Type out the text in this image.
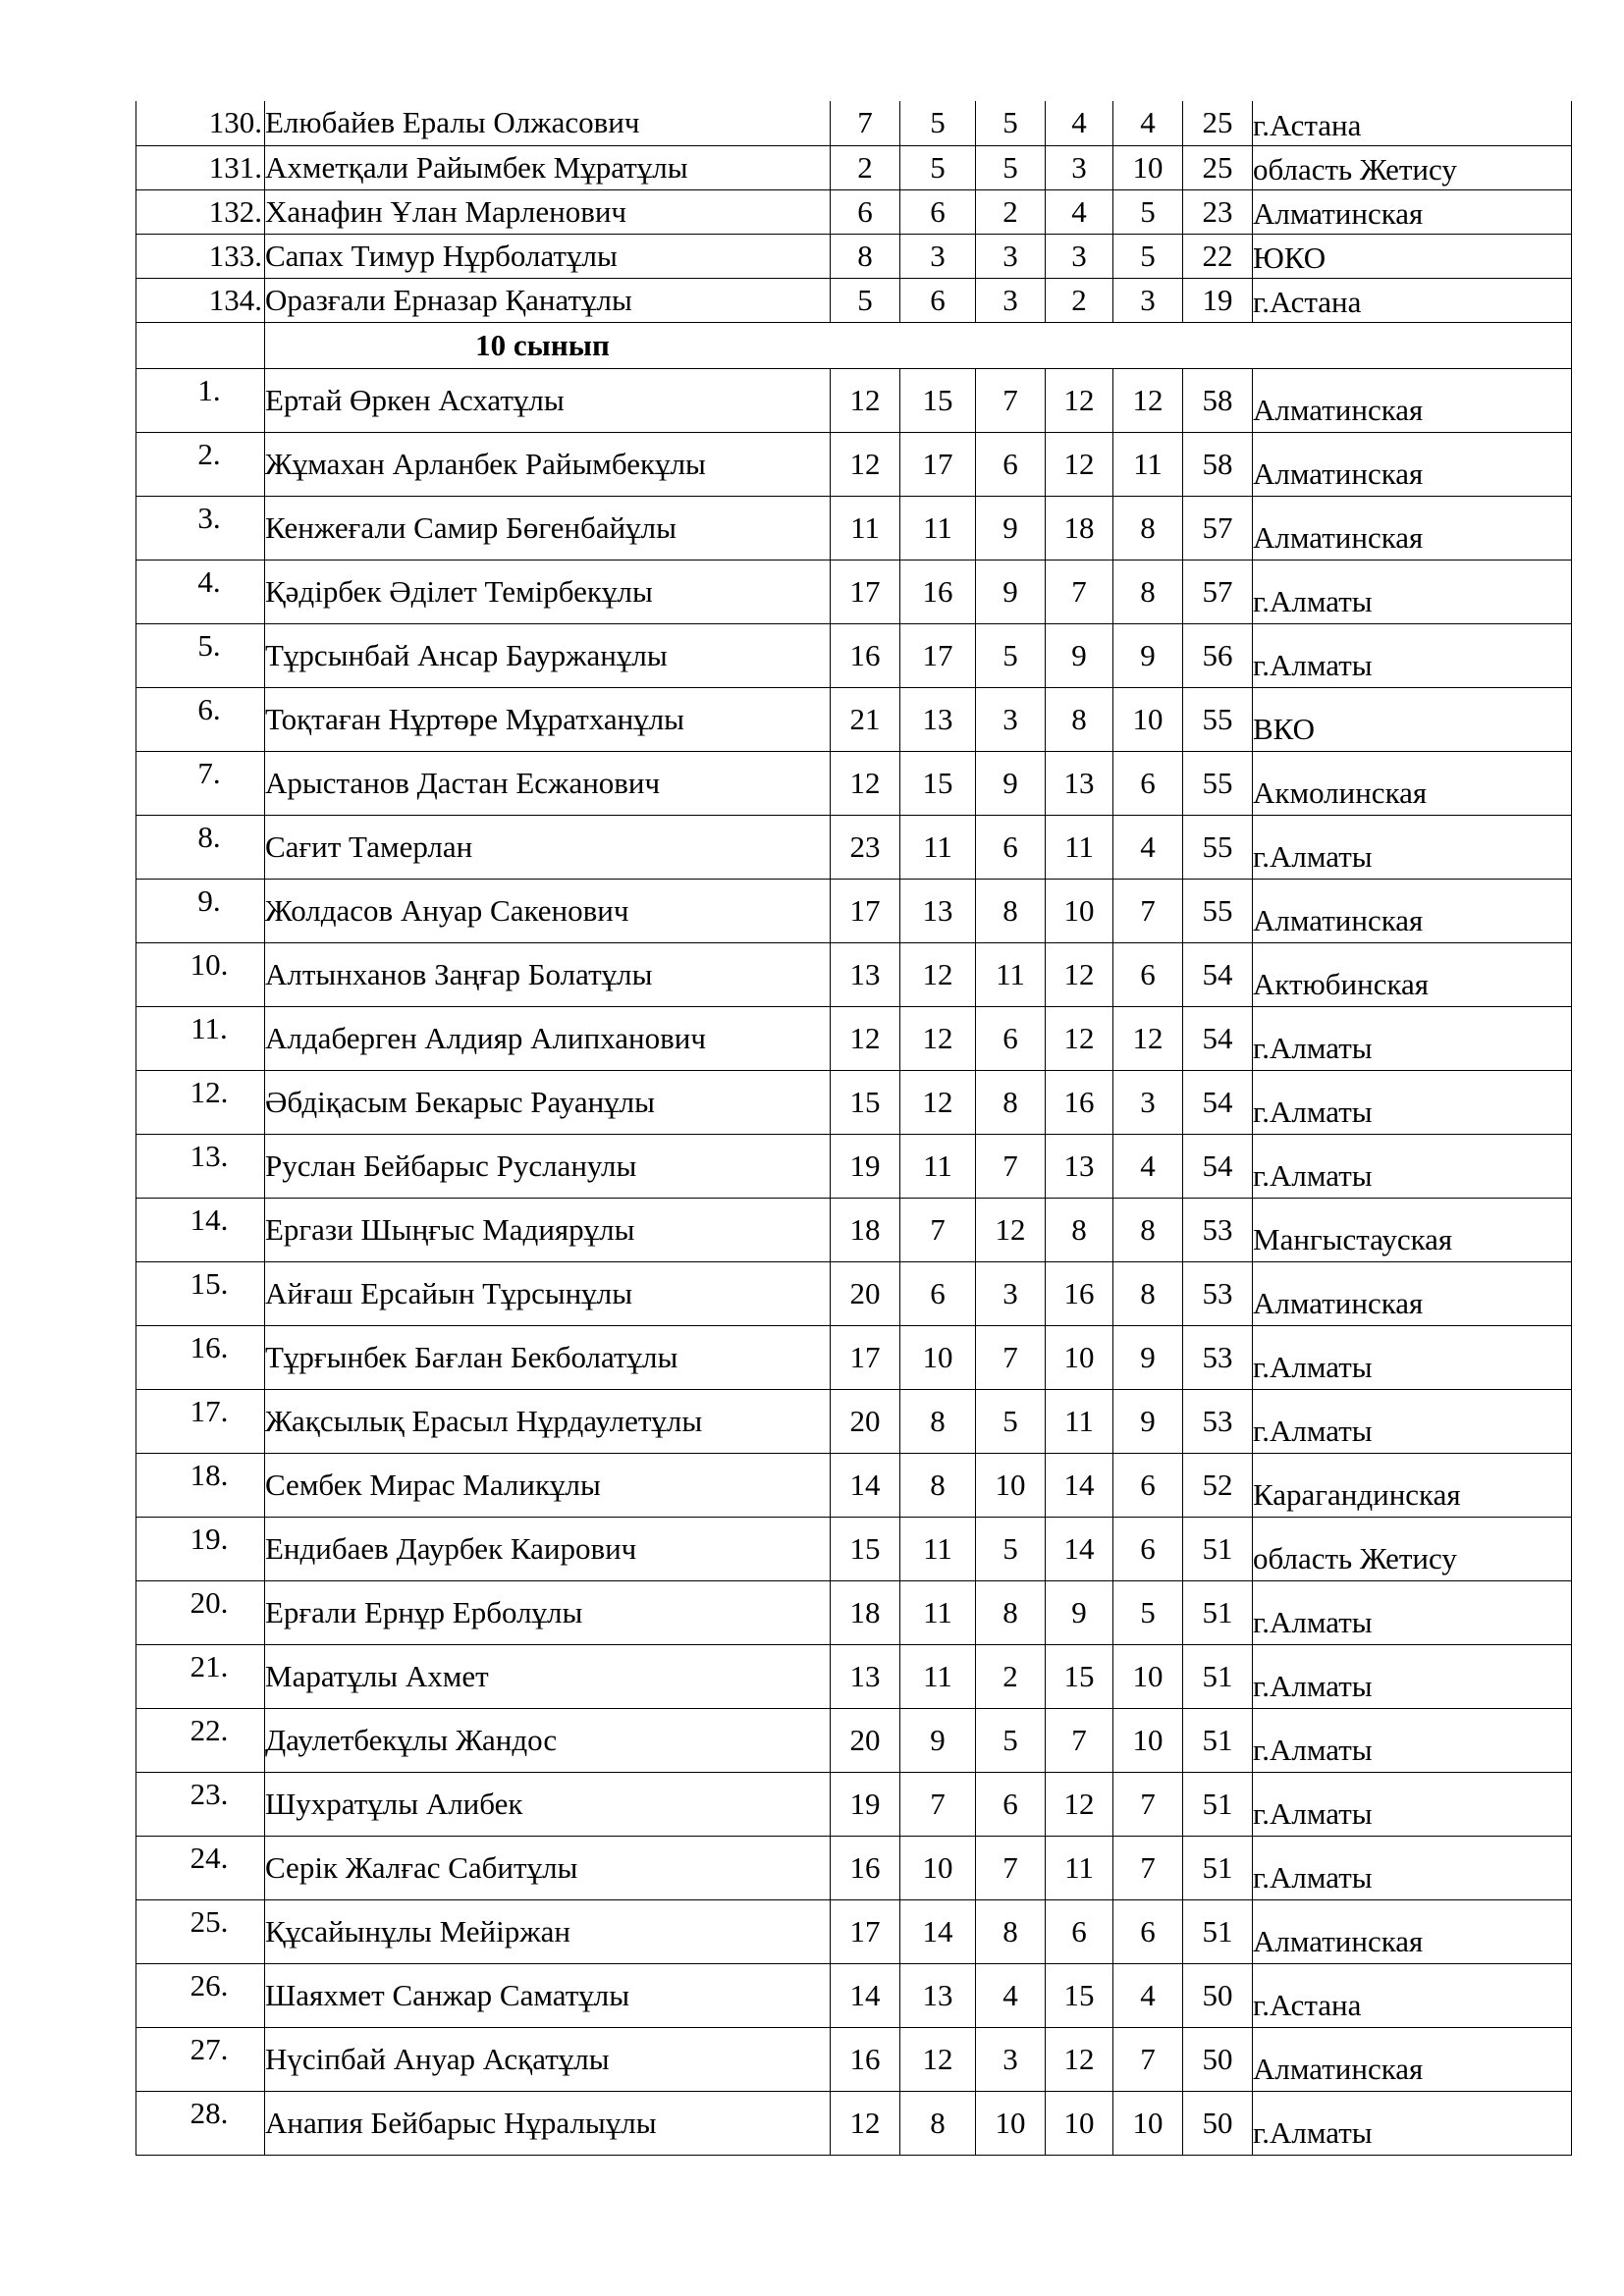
130.	Елюбайев Ералы Олжасович	7	5	5	4	4	25	г.Астана
131.	Ахметқали Райымбек Мұратұлы	2	5	5	3	10	25	область Жетису
132.	Ханафин Ұлан Марленович	6	6	2	4	5	23	Алматинская
133.	Сапах Тимур Нұрболатұлы	8	3	3	3	5	22	ЮКО
134.	Оразғали Ерназар Қанатұлы	5	6	3	2	3	19	г.Астана
	10 сынып							
1.	Ертай Өркен Асхатұлы	12	15	7	12	12	58	Алматинская
2.	Жұмахан Арланбек Райымбекұлы	12	17	6	12	11	58	Алматинская
3.	Кенжеғали Самир Бөгенбайұлы	11	11	9	18	8	57	Алматинская
4.	Қәдірбек Әділет Темірбекұлы	17	16	9	7	8	57	г.Алматы
5.	Тұрсынбай Ансар Бауржанұлы	16	17	5	9	9	56	г.Алматы
6.	Тоқтаған Нұртөре Мұратханұлы	21	13	3	8	10	55	ВКО
7.	Арыстанов Дастан Есжанович	12	15	9	13	6	55	Акмолинская
8.	Сағит Тамерлан	23	11	6	11	4	55	г.Алматы
9.	Жолдасов Ануар Сакенович	17	13	8	10	7	55	Алматинская
10.	Алтынханов Заңғар Болатұлы	13	12	11	12	6	54	Актюбинская
11.	Алдаберген Алдияр Алипханович	12	12	6	12	12	54	г.Алматы
12.	Әбдіқасым Бекарыс Рауанұлы	15	12	8	16	3	54	г.Алматы
13.	Руслан Бейбарыс Русланулы	19	11	7	13	4	54	г.Алматы
14.	Ергази Шыңғыс Мадиярұлы	18	7	12	8	8	53	Мангыстауская
15.	Айғаш Ерсайын Тұрсынұлы	20	6	3	16	8	53	Алматинская
16.	Тұрғынбек Бағлан Бекболатұлы	17	10	7	10	9	53	г.Алматы
17.	Жақсылық Ерасыл Нұрдаулетұлы	20	8	5	11	9	53	г.Алматы
18.	Сембек Мирас Маликұлы	14	8	10	14	6	52	Карагандинская
19.	Ендибаев Даурбек Каирович	15	11	5	14	6	51	область Жетису
20.	Ерғали Ернұр Ерболұлы	18	11	8	9	5	51	г.Алматы
21.	Маратұлы Ахмет	13	11	2	15	10	51	г.Алматы
22.	Даулетбекұлы Жандос	20	9	5	7	10	51	г.Алматы
23.	Шухратұлы Алибек	19	7	6	12	7	51	г.Алматы
24.	Серік Жалғас Сабитұлы	16	10	7	11	7	51	г.Алматы
25.	Құсайынұлы Мейіржан	17	14	8	6	6	51	Алматинская
26.	Шаяхмет Санжар Саматұлы	14	13	4	15	4	50	г.Астана
27.	Нүсіпбай Ануар Асқатұлы	16	12	3	12	7	50	Алматинская
28.	Анапия Бейбарыс Нұралыұлы	12	8	10	10	10	50	г.Алматы
